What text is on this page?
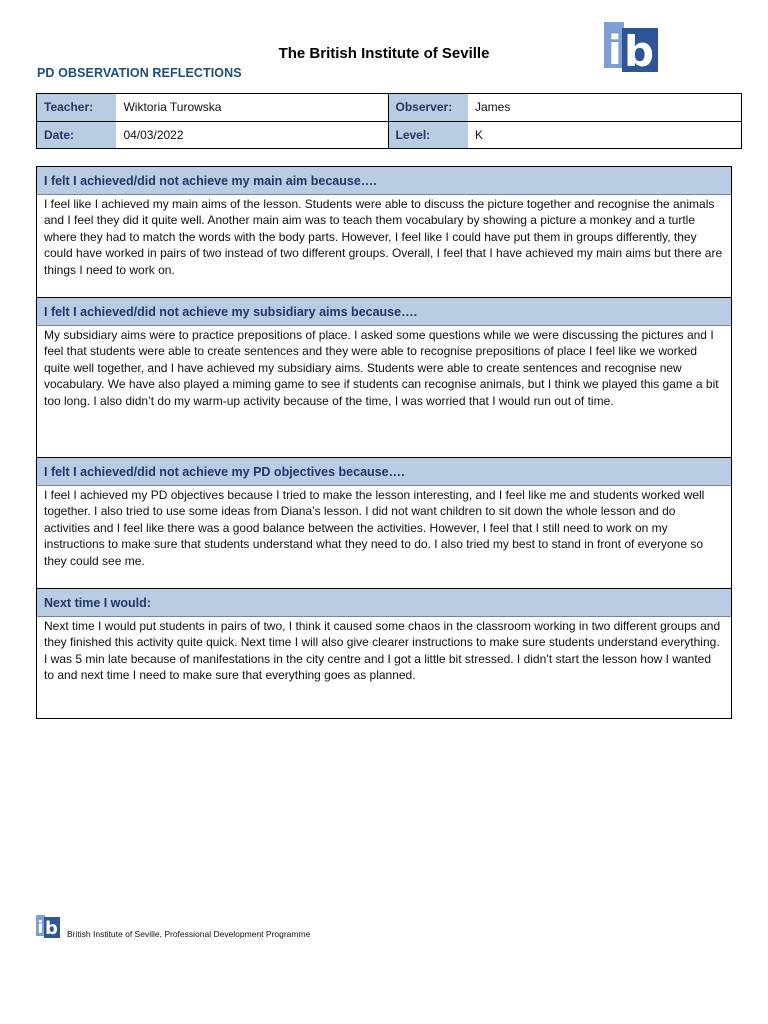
The British Institute of Seville
PD OBSERVATION REFLECTIONS	i b
Teacher:	Wiktoria Turowska	Observer:	James
Date:	04/03/2022	Level:	K
I felt I achieved/did not achieve my main aim because….
I feel like I achieved my main aims of the lesson. Students were able to discuss the picture together and recognise the animals and I feel they did it quite well. Another main aim was to teach them vocabulary by showing a picture a monkey and a turtle where they had to match the words with the body parts. However, I feel like I could have put them in groups differently, they could have worked in pairs of two instead of two different groups. Overall, I feel that I have achieved my main aims but there are things I need to work on.
I felt I achieved/did not achieve my subsidiary aims because….
My subsidiary aims were to practice prepositions of place. I asked some questions while we were discussing the pictures and I feel that students were able to create sentences and they were able to recognise prepositions of place I feel like we worked quite well together, and I have achieved my subsidiary aims. Students were able to create sentences and recognise new vocabulary. We have also played a miming game to see if students can recognise animals, but I think we played this game a bit too long. I also didn’t do my warm-up activity because of the time, I was worried that I would run out of time.
I felt I achieved/did not achieve my PD objectives because….
I feel I achieved my PD objectives because I tried to make the lesson interesting, and I feel like me and students worked well together. I also tried to use some ideas from Diana’s lesson. I did not want children to sit down the whole lesson and do activities and I feel like there was a good balance between the activities. However, I feel that I still need to work on my instructions to make sure that students understand what they need to do. I also tried my best to stand in front of everyone so they could see me.
Next time I would:
Next time I would put students in pairs of two, I think it caused some chaos in the classroom working in two different groups and they finished this activity quite quick. Next time I will also give clearer instructions to make sure students understand everything. I was 5 min late because of manifestations in the city centre and I got a little bit stressed. I didn’t start the lesson how I wanted to and next time I need to make sure that everything goes as planned.
i b British Institute of Seville, Professional Development Programme
